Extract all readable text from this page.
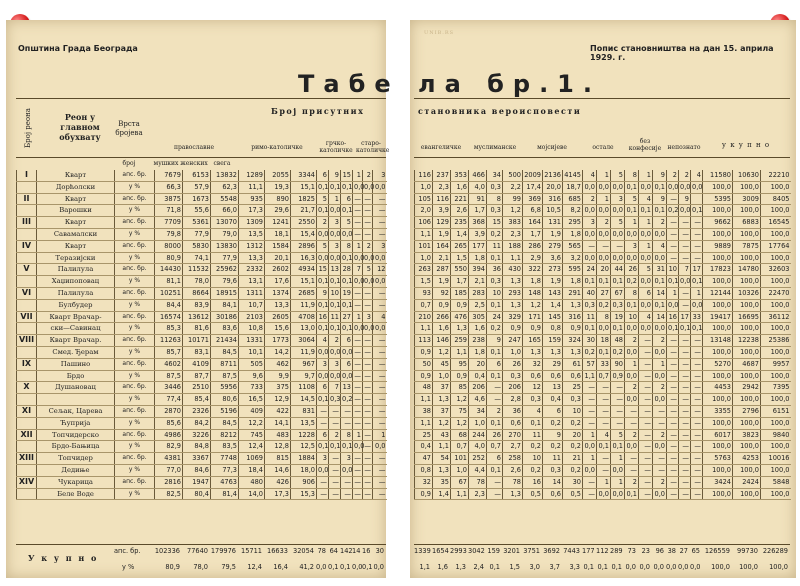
Општина Града Београда
Табе
Број реона	Реон у главном обухвату
Врста бројева
Број присутних
православне	римо-католичке
грчко-католичке
старо-католичке
мушких женских свега
број
I	Кварт	апс. бр.	7679	6153	13832	1289	2055	3344	6	9	15	1	2	3
	Дорћолски	у %	66,3	57,9	62,3	11,1	19,3	15,1	0,1	0,1	0,1	0,0	0,0	0,0
II	Кварт	апс. бр.	3875	1673	5548	935	890	1825	5	1	6	—	—	—
	Варошки	у %	71,8	55,6	66,0	17,3	29,6	21,7	0,1	0,0	0,1	—	—	—
III	Кварт	апс. бр.	7709	5361	13070	1309	1241	2550	2	3	5	—	—	—
	Савамалски	у %	79,8	77,9	79,0	13,5	18,1	15,4	0,0	0,0	0,0	—	—	—
IV	Кварт	апс. бр.	8000	5830	13830	1312	1584	2896	5	3	8	1	2	3
	Теразијски	у %	80,9	74,1	77,9	13,3	20,1	16,3	0,0	0,0	0,1	0,0	0,0	0,0
V	Палилула	апс. бр.	14430	11532	25962	2332	2602	4934	15	13	28	7	5	12
	Хаџипоповац	у %	81,1	78,0	79,6	13,1	17,6	15,1	0,1	0,1	0,1	0,0	0,0	0,0
VI	Палилула	апс. бр.	10251	8664	18915	1311	1374	2685	9	10	19	—	—	—
	Булбудер	у %	84,4	83,9	84,1	10,7	13,3	11,9	0,1	0,1	0,1	—	—	—
VII	Кварт Врачар-	апс. бр.	16574	13612	30186	2103	2605	4708	16	11	27	1	3	4
	ски—Савинац	у %	85,3	81,6	83,6	10,8	15,6	13,0	0,1	0,1	0,1	0,0	0,0	0,0
VIII	Кварт Врачар.	апс. бр.	11263	10171	21434	1331	1773	3064	4	2	6	—	—	—
	Смед. Ђерам	у %	85,7	83,1	84,5	10,1	14,2	11,9	0,0	0,0	0,0	—	—	—
IX	Пашино	апс. бр.	4602	4109	8711	505	462	967	3	3	6	—	—	—
	Брдо	у %	87,5	87,7	87,5	9,6	9,9	9,7	0,0	0,0	0,0	—	—	—
X	Душановац	апс. бр.	3446	2510	5956	733	375	1108	6	7	13	—	—	—
		у %	77,4	85,4	80,6	16,5	12,9	14,5	0,1	0,3	0,2	—	—	—
XI	Сељак, Царева	апс. бр.	2870	2326	5196	409	422	831	—	—	—	—	—	—
	Ћуприја	у %	85,6	84,2	84,5	12,2	14,1	13,5	—	—	—	—	—	—
XII	Топчидерско	апс. бр.	4986	3226	8212	745	483	1228	6	2	8	1	—	1
	Брдо-Бањица	у %	82,9	84,8	83,5	12,4	12,8	12,5	0,1	0,1	0,1	0,0	—	0,0
XIII	Топчидер	апс. бр.	4381	3367	7748	1069	815	1884	3	—	3	—	—	—
	Дедиње	у %	77,0	84,6	77,3	18,4	14,6	18,0	0,0	—	0,0	—	—	—
XIV	Чукарица	апс. бр.	2816	1947	4763	480	426	906	—	—	—	—	—	—
	Беле Воде	у %	82,5	80,4	81,4	14,0	17,3	15,3	—	—	—	—	—	—
У к у п н о
апс. бр.
у %
102336	77640 179976 15711 16633 32054 78 64 142 14 16 30
80,9	78,0	79,5	12,4	16,4	41,2 0,0 0,1 0,1 0,0 0,1 0,0
UNIB.RS
Попис становништва на дан 15. априла 1929. г.
ла бр.1.
становника вероисповести
евангеличке	муслиманске	мојсијеве	остале
без конфесије	непознато	у к у п н о
116	237	353	466	34	500	2009	2136	4145	4	1	5	8	1	9	2	2	4	11580	10630	22210
1,0	2,3	1,6	4,0	0,3	2,2	17,4	20,0	18,7	0,0	0,0	0,0	0,1	0,0	0,1	0,0	0,0	0,0	100,0	100,0	100,0
105	116	221	91	8	99	369	316	685	2	1	3	5	4	9	—	9		5395	3009	8405
2,0	3,9	2,6	1,7	0,3	1,2	6,8	10,5	8,2	0,0	0,0	0,0	0,1	0,1	0,1	0,2	0,0	0,1	100,0	100,0	100,0
106	129	235	368	15	383	164	131	295	3	2	5	1	1	2	—	—	—	9662	6883	16545
1,1	1,9	1,4	3,9	0,2	2,3	1,7	1,9	1,8	0,0	0,0	0,0	0,0	0,0	0,0	—	—	—	100,0	100,0	100,0
101	164	265	177	11	188	286	279	565	—	—	—	3	1	4	—	—	—	9889	7875	17764
1,0	2,1	1,5	1,8	0,1	1,1	2,9	3,6	3,2	0,0	0,0	0,0	0,0	0,0	0,0	—	—	—	100,0	100,0	100,0
263	287	550	394	36	430	322	273	595	24	20	44	26	5	31	10	7	17	17823	14780	32603
1,5	1,9	1,7	2,1	0,3	1,3	1,8	1,9	1,8	0,1	0,1	0,1	0,2	0,0	0,1	0,1	0,0	0,1	100,0	100,0	100,0
93	92	185	283	10	293	148	143	291	40	27	67	8	6	14	1	—	1	12144	10326	22470
0,7	0,9	0,9	2,5	0,1	1,3	1,2	1,4	1,3	0,3	0,2	0,3	0,1	0,0	0,1	0,0	—	0,0	100,0	100,0	100,0
210	266	476	305	24	329	171	145	316	11	8	19	10	4	14	16	17	33	19417	16695	36112
1,1	1,6	1,3	1,6	0,2	0,9	0,9	0,8	0,9	0,1	0,0	0,1	0,0	0,0	0,0	0,1	0,1	0,1	100,0	100,0	100,0
113	146	259	238	9	247	165	159	324	30	18	48	2	—	2	—	—	—	13148	12238	25386
0,9	1,2	1,1	1,8	0,1	1,0	1,3	1,3	1,3	0,2	0,1	0,2	0,0	—	0,0	—	—	—	100,0	100,0	100,0
50	45	95	20	6	26	32	29	61	57	33	90	1	—	1	—	—	—	5270	4687	9957
0,9	1,0	0,9	0,4	0,1	0,3	0,6	0,6	0,6	1,1	0,7	0,9	0,0	—	0,0	—	—	—	100,0	100,0	100,0
48	37	85	206	—	206	12	13	25	—	—	—	2	—	2	—	—	—	4453	2942	7395
1,1	1,3	1,2	4,6	—	2,8	0,3	0,4	0,3	—	—	—	0,0	—	0,0	—	—	—	100,0	100,0	100,0
38	37	75	34	2	36	4	6	10	—	—	—	—	—	—	—	—	—	3355	2796	6151
1,1	1,2	1,2	1,0	0,1	0,6	0,1	0,2	0,2	—	—	—	—	—	—	—	—	—	100,0	100,0	100,0
25	43	68	244	26	270	11	9	20	1	4	5	2	—	2	—	—	—	6017	3823	9840
0,4	1,1	0,7	4,0	0,7	2,7	0,2	0,2	0,2	0,0	0,1	0,1	0,0	—	0,0	—	—	—	100,0	100,0	100,0
47	54	101	252	6	258	10	11	21	1	—	1	—	—	—	—	—	—	5763	4253	10016
0,8	1,3	1,0	4,4	0,1	2,6	0,2	0,3	0,2	0,0	—	0,0	—	—	—	—	—	—	100,0	100,0	100,0
32	35	67	78	—	78	16	14	30	—	1	1	2	—	2	—	—	—	3424	2424	5848
0,9	1,4	1,1	2,3	—	1,3	0,5	0,6	0,5	—	0,0	0,0	0,1	—	0,0	—	—	—	100,0	100,0	100,0
1339 1654 2993 3042 159 3201 3751 3692 7443 177 112 289 73 23 96 38 27 65 126559	99730 226289
1,1	1,6	1,3	2,4 0,1	1,5	3,0	3,7	3,3 0,1 0,1 0,1 0,0 0,0 0,0 0,0 0,0 0,0	100,0	100,0	100,0
